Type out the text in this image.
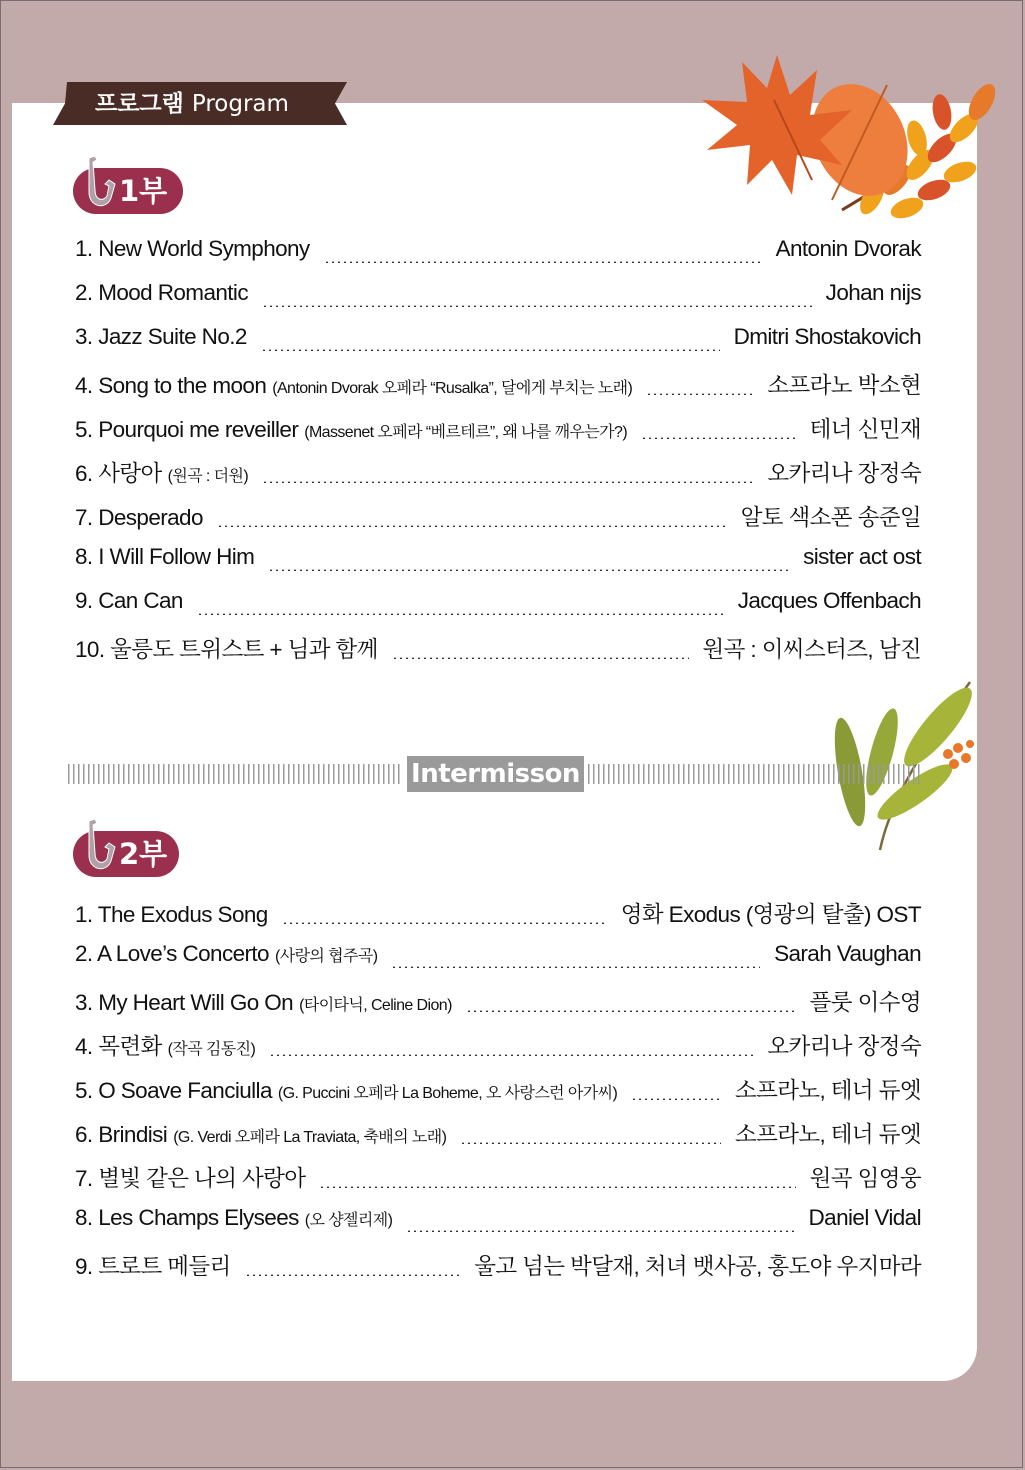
프로그램 Program
1부
1. New World Symphony	Antonin Dvorak
2. Mood Romantic	Johan nijs
3. Jazz Suite No.2	Dmitri Shostakovich
4. Song to the moon (Antonin Dvorak 오페라 “Rusalka”, 달에게 부치는 노래)	소프라노 박소현
5. Pourquoi me reveiller (Massenet 오페라 “베르테르”, 왜 나를 깨우는가?)	테너 신민재
6. 사랑아 (원곡 : 더원)	오카리나 장정숙
7. Desperado	알토 색소폰 송준일
8. I Will Follow Him	sister act ost
9. Can Can	Jacques Offenbach
10. 울릉도 트위스트 + 님과 함께	원곡 : 이씨스터즈, 남진
Intermisson
2부
1. The Exodus Song	영화 Exodus (영광의 탈출) OST
2. A Love’s Concerto (사랑의 협주곡)	Sarah Vaughan
3. My Heart Will Go On (타이타닉, Celine Dion)	플룻 이수영
4. 목련화 (작곡 김동진)	오카리나 장정숙
5. O Soave Fanciulla (G. Puccini 오페라 La Boheme, 오 사랑스런 아가씨)	소프라노, 테너 듀엣
6. Brindisi (G. Verdi 오페라 La Traviata, 축배의 노래)	소프라노, 테너 듀엣
7. 별빛 같은 나의 사랑아	원곡 임영웅
8. Les Champs Elysees (오 샹젤리제)	Daniel Vidal
9. 트로트 메들리	울고 넘는 박달재, 처녀 뱃사공, 홍도야 우지마라
